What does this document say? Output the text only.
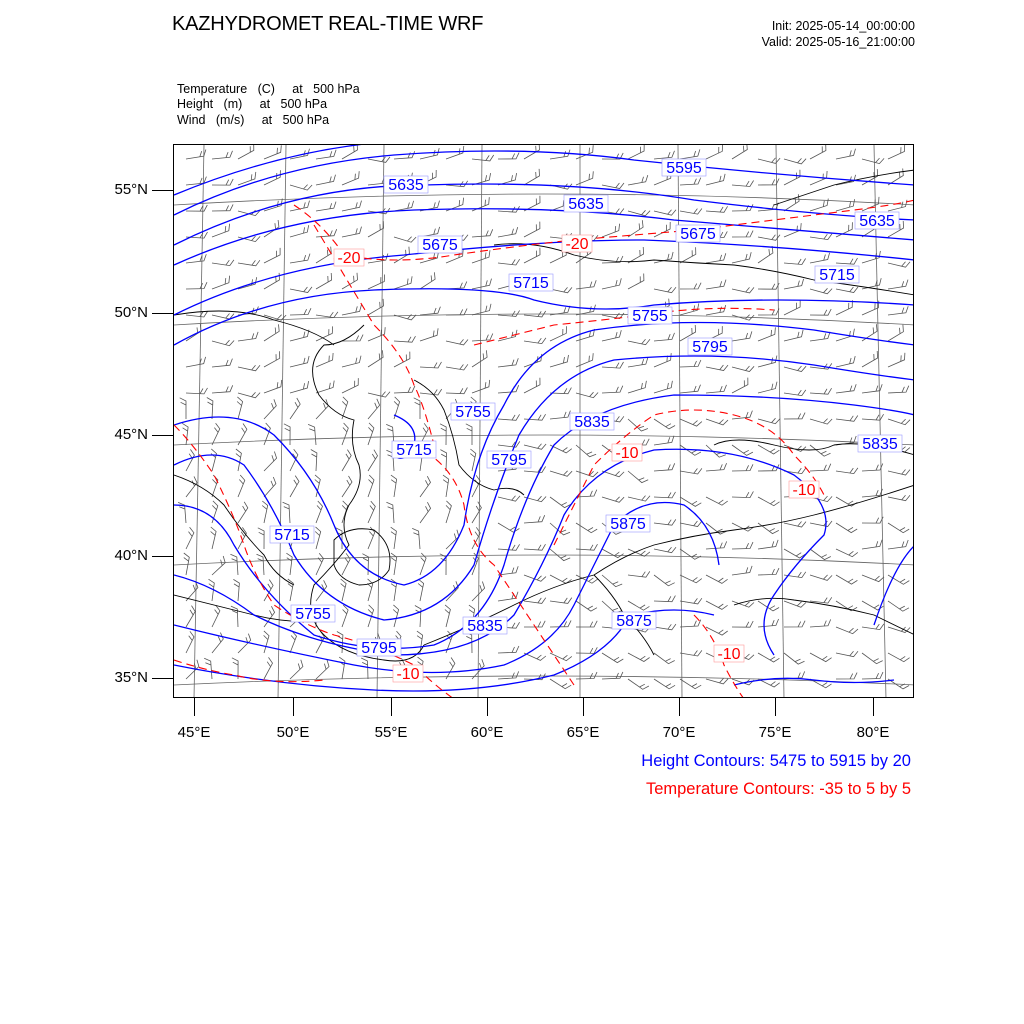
KAZHYDROMET REAL-TIME WRF	Init: 2025-05-14_00:00:00
Valid: 2025-05-16_21:00:00
Temperature   (C)     at   500 hPa
Height   (m)     at   500 hPa
Wind   (m/s)     at   500 hPa
5595
5635
5635
5635
5675
5675
5715	5715
5715
5755
5755
5755
5795
5795
5795
5835
5835
5835
5875
5875
5715
-20
-20
-10
-10
-10
-10
55°N
50°N
45°N
40°N
35°N
45°E	50°E	55°E	60°E	65°E	70°E	75°E	80°E
Height Contours: 5475 to 5915 by 20
Temperature Contours: -35 to 5 by 5
